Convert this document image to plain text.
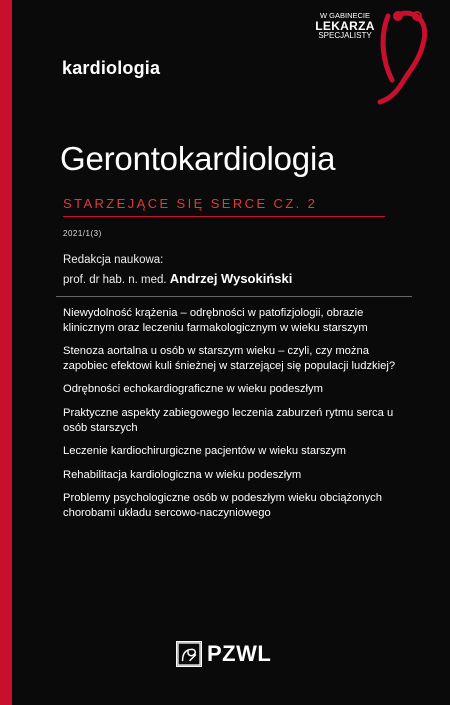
kardiologia
W GABINECIE
LEKARZA
SPECJALISTY
Gerontokardiologia
STARZEJĄCE SIĘ SERCE CZ. 2
2021/1(3)
Redakcja naukowa:
prof. dr hab. n. med. Andrzej Wysokiński
Niewydolność krążenia – odrębności w patofizjologii, obrazie klinicznym oraz leczeniu farmakologicznym w wieku starszym
Stenoza aortalna u osób w starszym wieku – czyli, czy można zapobiec efektowi kuli śnieżnej w starzejącej się populacji ludzkiej?
Odrębności echokardiograficzne w wieku podeszłym
Praktyczne aspekty zabiegowego leczenia zaburzeń rytmu serca u osób starszych
Leczenie kardiochirurgiczne pacjentów w wieku starszym
Rehabilitacja kardiologiczna w wieku podeszłym
Problemy psychologiczne osób w podeszłym wieku obciążonych chorobami układu sercowo-naczyniowego
PZWL
